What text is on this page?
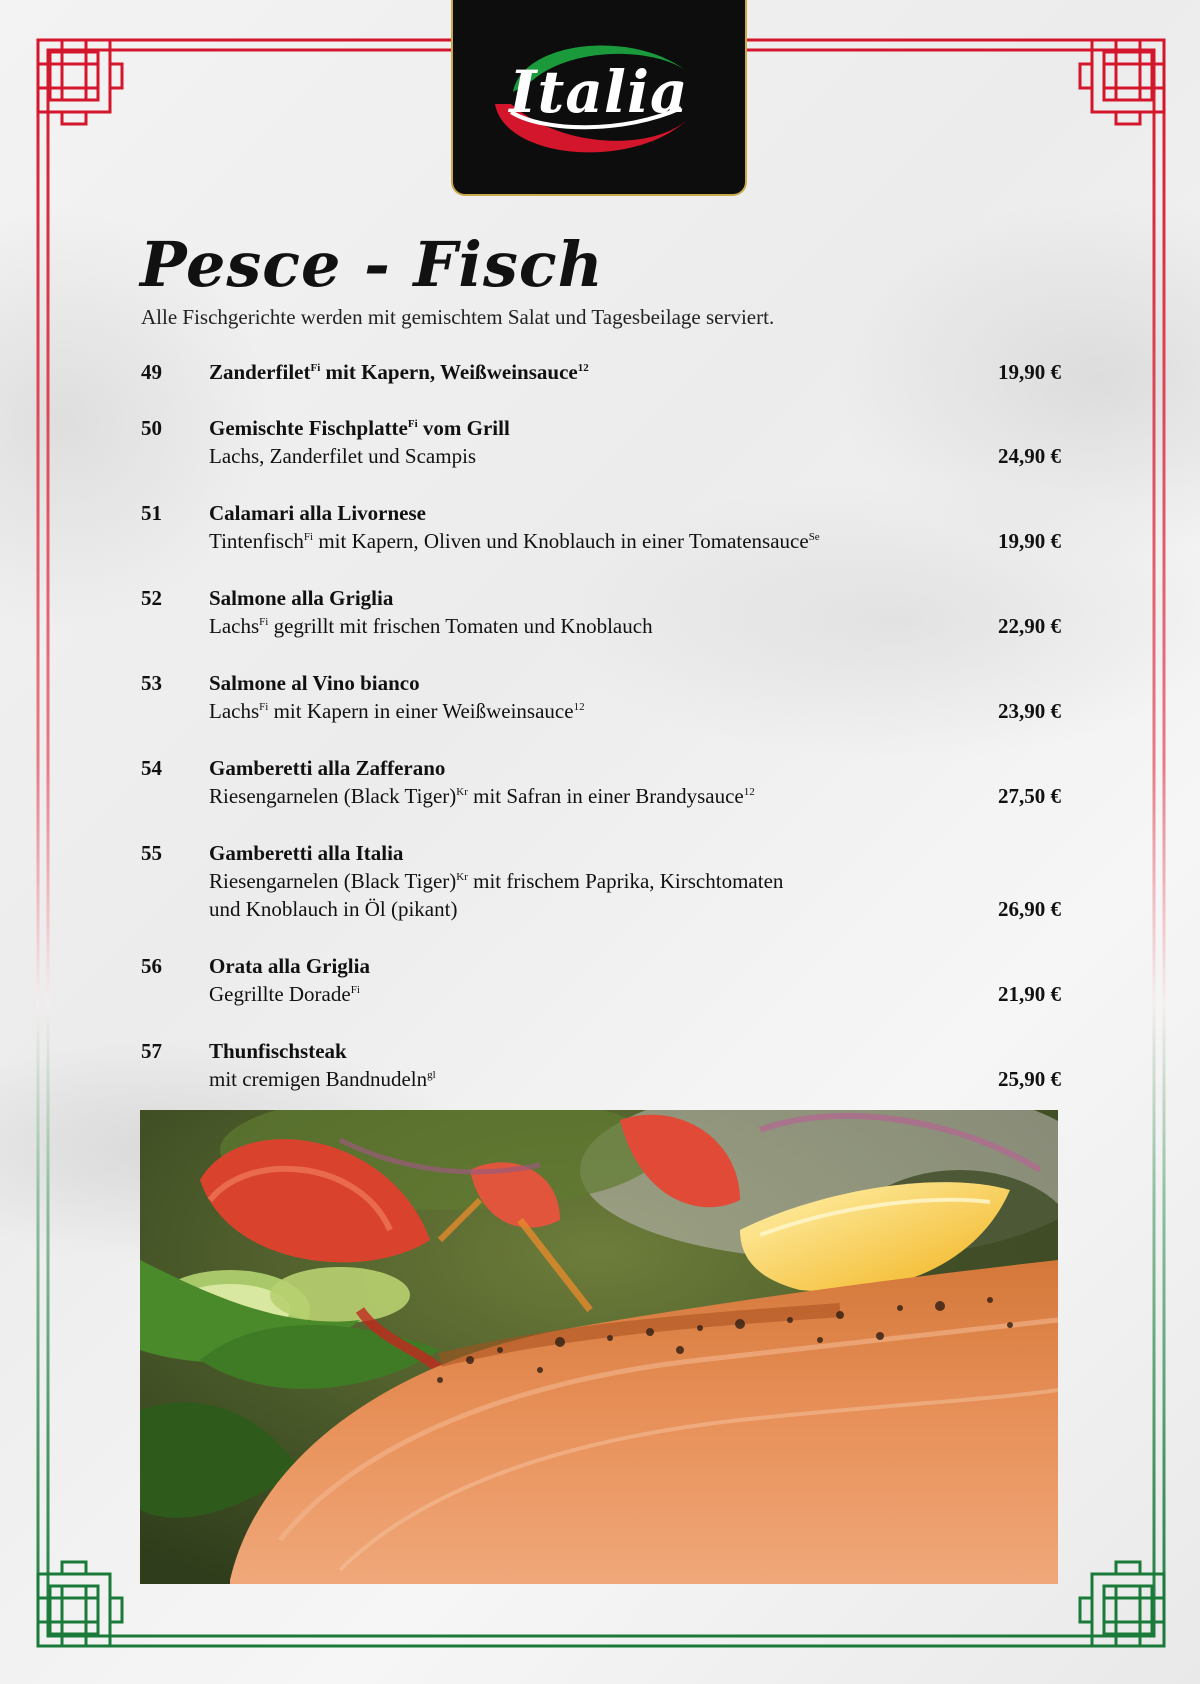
Italia
Pesce - Fisch
Alle Fischgerichte werden mit gemischtem Salat und Tagesbeilage serviert.
49 Zanderfilet$^{Fi}$ mit Kapern, Weißweinsauce$^{12}$	19,90 €
50 Gemischte Fischplatte$^{Fi}$ vom Grill
Lachs, Zanderfilet und Scampis	24,90 €
51 Calamari alla Livornese
Tintenfisch$^{Fi}$ mit Kapern, Oliven und Knoblauch in einer Tomatensauce$^{Se}$	19,90 €
52 Salmone alla Griglia
Lachs$^{Fi}$ gegrillt mit frischen Tomaten und Knoblauch	22,90 €
53 Salmone al Vino bianco
Lachs$^{Fi}$ mit Kapern in einer Weißweinsauce$^{12}$	23,90 €
54 Gamberetti alla Zafferano
Riesengarnelen (Black Tiger)$^{Kr}$ mit Safran in einer Brandysauce$^{12}$	27,50 €
55 Gamberetti alla Italia
Riesengarnelen (Black Tiger)$^{Kr}$ mit frischem Paprika, Kirschtomaten
und Knoblauch in Öl (pikant)	26,90 €
56 Orata alla Griglia
Gegrillte Dorade$^{Fi}$	21,90 €
57 Thunfischsteak
mit cremigen Bandnudeln$^{gl}$	25,90 €
